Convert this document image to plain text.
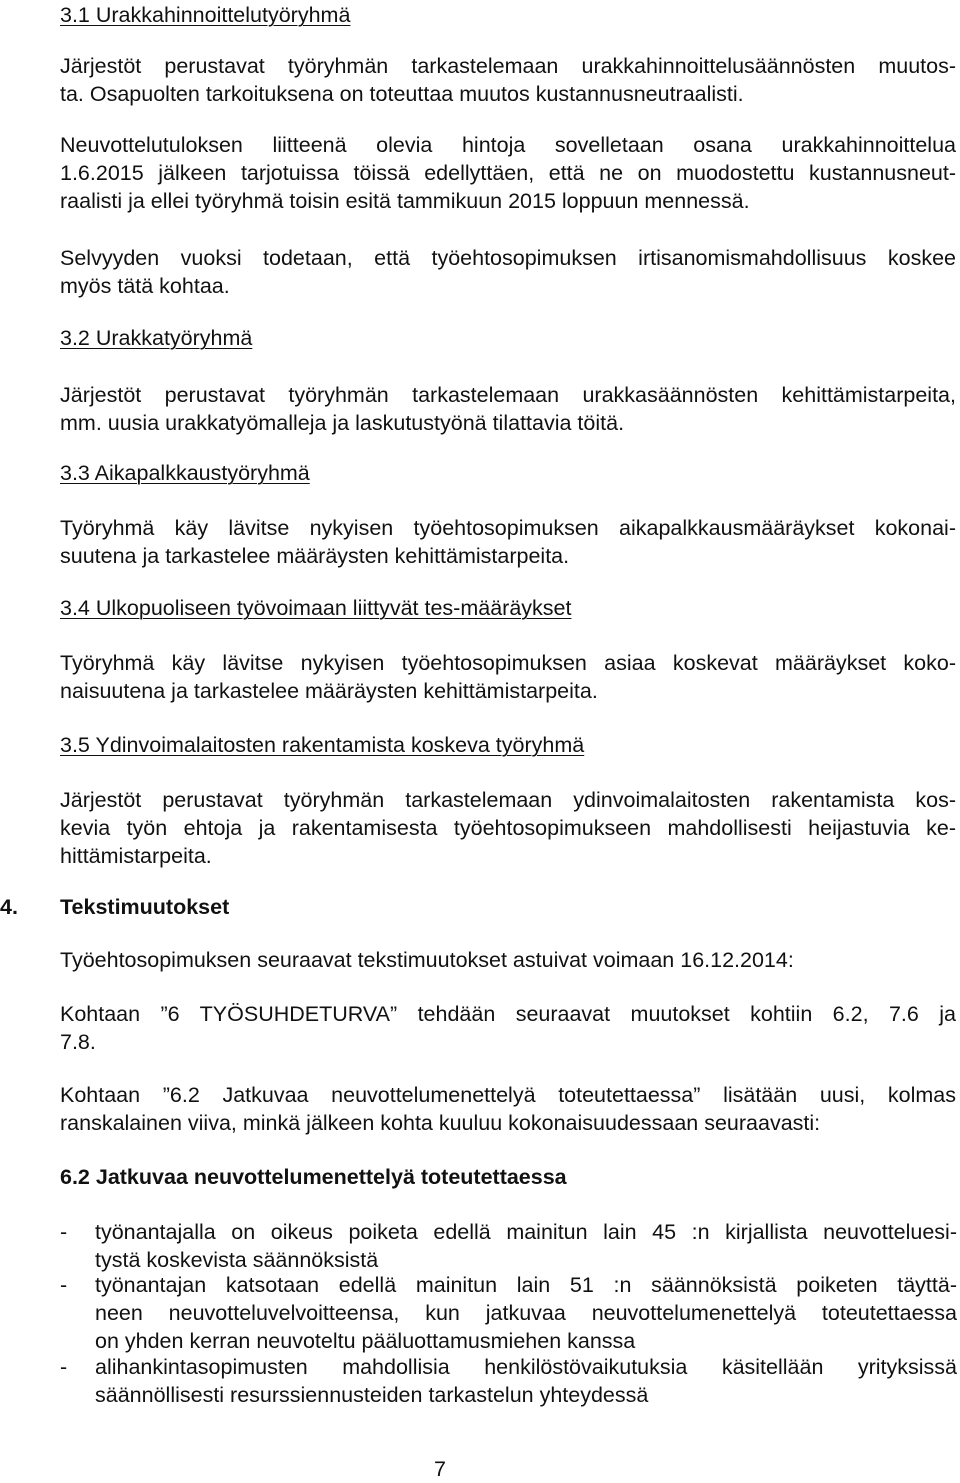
3.1 Urakkahinnoittelutyöryhmä
Järjestöt perustavat työryhmän tarkastelemaan urakkahinnoittelusäännösten muutos-
ta. Osapuolten tarkoituksena on toteuttaa muutos kustannusneutraalisti.
Neuvottelutuloksen liitteenä olevia hintoja sovelletaan osana urakkahinnoittelua
1.6.2015 jälkeen tarjotuissa töissä edellyttäen, että ne on muodostettu kustannusneut-
raalisti ja ellei työryhmä toisin esitä tammikuun 2015 loppuun mennessä.
Selvyyden vuoksi todetaan, että työehtosopimuksen irtisanomismahdollisuus koskee
myös tätä kohtaa.
3.2 Urakkatyöryhmä
Järjestöt perustavat työryhmän tarkastelemaan urakkasäännösten kehittämistarpeita,
mm. uusia urakkatyömalleja ja laskutustyönä tilattavia töitä.
3.3 Aikapalkkaustyöryhmä
Työryhmä käy lävitse nykyisen työehtosopimuksen aikapalkkausmääräykset kokonai-
suutena ja tarkastelee määräysten kehittämistarpeita.
3.4 Ulkopuoliseen työvoimaan liittyvät tes-määräykset
Työryhmä käy lävitse nykyisen työehtosopimuksen asiaa koskevat määräykset koko-
naisuutena ja tarkastelee määräysten kehittämistarpeita.
3.5 Ydinvoimalaitosten rakentamista koskeva työryhmä
Järjestöt perustavat työryhmän tarkastelemaan ydinvoimalaitosten rakentamista kos-
kevia työn ehtoja ja rakentamisesta työehtosopimukseen mahdollisesti heijastuvia ke-
hittämistarpeita.
4. Tekstimuutokset
Työehtosopimuksen seuraavat tekstimuutokset astuivat voimaan 16.12.2014:
Kohtaan ”6 TYÖSUHDETURVA” tehdään seuraavat muutokset kohtiin 6.2, 7.6 ja
7.8.
Kohtaan ”6.2 Jatkuvaa neuvottelumenettelyä toteutettaessa” lisätään uusi, kolmas
ranskalainen viiva, minkä jälkeen kohta kuuluu kokonaisuudessaan seuraavasti:
6.2 Jatkuvaa neuvottelumenettelyä toteutettaessa
- työnantajalla on oikeus poiketa edellä mainitun lain 45 :n kirjallista neuvotteluesi-
tystä koskevista säännöksistä
- työnantajan katsotaan edellä mainitun lain 51 :n säännöksistä poiketen täyttä-
neen neuvotteluvelvoitteensa, kun jatkuvaa neuvottelumenettelyä toteutettaessa
on yhden kerran neuvoteltu pääluottamusmiehen kanssa
- alihankintasopimusten mahdollisia henkilöstövaikutuksia käsitellään yrityksissä
säännöllisesti resurssiennusteiden tarkastelun yhteydessä
7
